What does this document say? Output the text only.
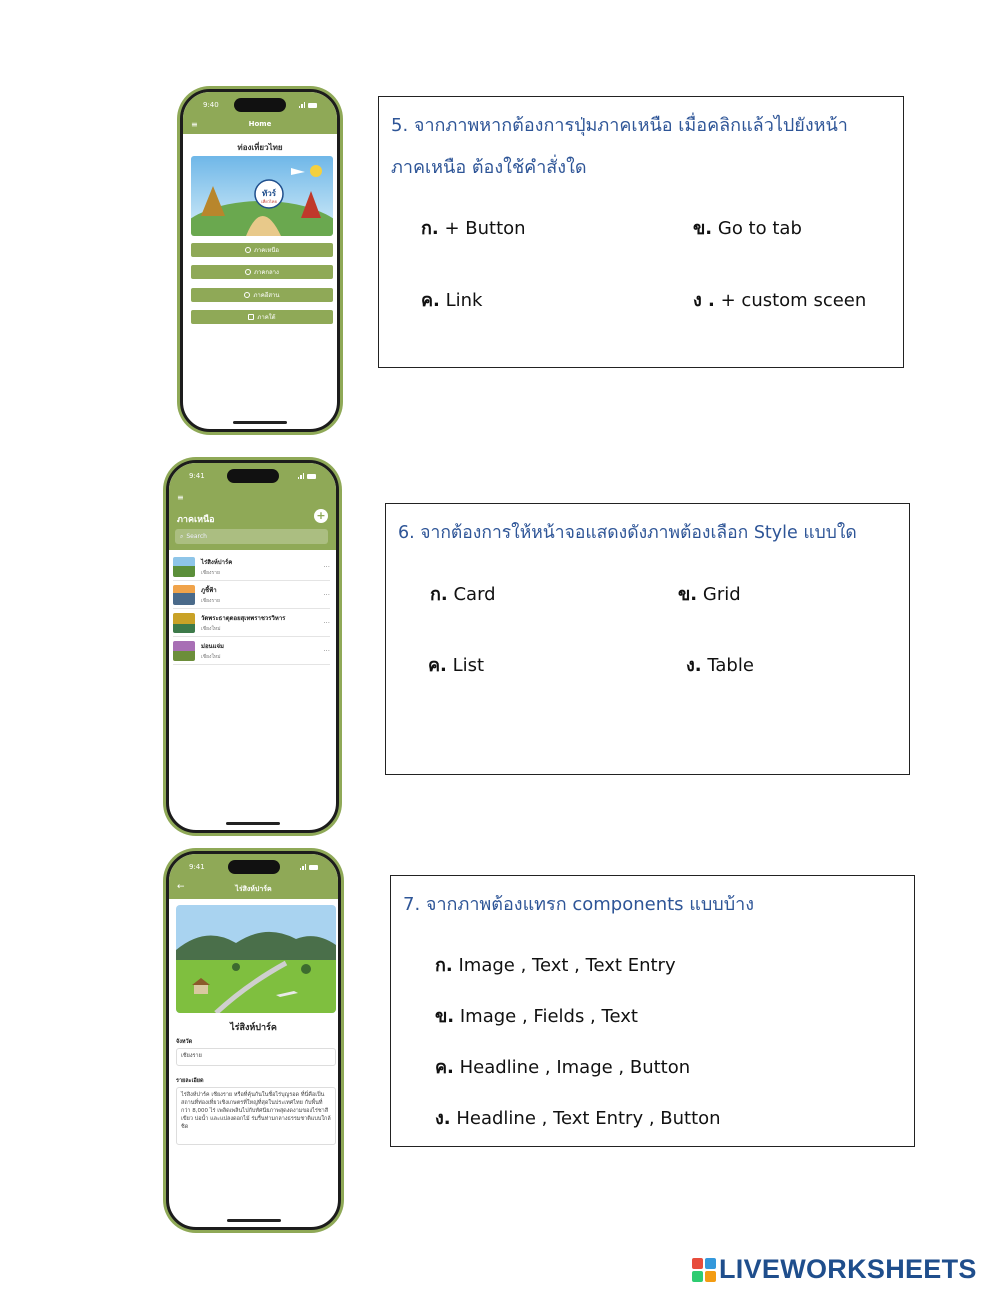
9:40
≡	Home
ท่องเที่ยวไทย
ทัวร์
เที่ยวไทย
ภาคเหนือ
ภาคกลาง
ภาคอีสาน
ภาคใต้
9:41
≡
ภาคเหนือ	+
⌕ Search
ไร่สิงห์ปาร์ค
เชียงราย
···
ภูชี้ฟ้า
เชียงราย
···
วัดพระธาตุดอยสุเทพราชวรวิหาร
เชียงใหม่
···
ม่อนแจ่ม
เชียงใหม่
···
9:41
←	ไร่สิงห์ปาร์ค
ไร่สิงห์ปาร์ค
จังหวัด
เชียงราย
รายละเอียด
ไร่สิงห์ปาร์ค เชียงราย หรือที่คุ้นกันในชื่อไร่บุญรอด ที่นี่คือเป็นสถานที่ท่องเที่ยวเชิงเกษตรที่ใหญ่ที่สุดในประเทศไทย กับพื้นที่กว่า 8,000 ไร่ เพลิดเพลินไปกับทัศนียภาพสุดงดงามของไร่ชาสีเขียว บ่อน้ำ และแปลงดอกไม้ ร่มรื่นท่ามกลางธรรมชาติแบบใกล้ชิด
5. จากภาพหากต้องการปุ่มภาคเหนือ เมื่อคลิกแล้วไปยังหน้า
ภาคเหนือ ต้องใช้คำสั่งใด
ก. + Button	ข. Go to tab
ค. Link	ง . + custom sceen
6. จากต้องการให้หน้าจอแสดงดังภาพต้องเลือก Style แบบใด
ก. Card	ข. Grid
ค. List	ง. Table
7. จากภาพต้องแทรก components แบบบ้าง
ก. Image , Text , Text Entry
ข. Image , Fields , Text
ค. Headline , Image , Button
ง. Headline , Text Entry , Button
LIVEWORKSHEETS
